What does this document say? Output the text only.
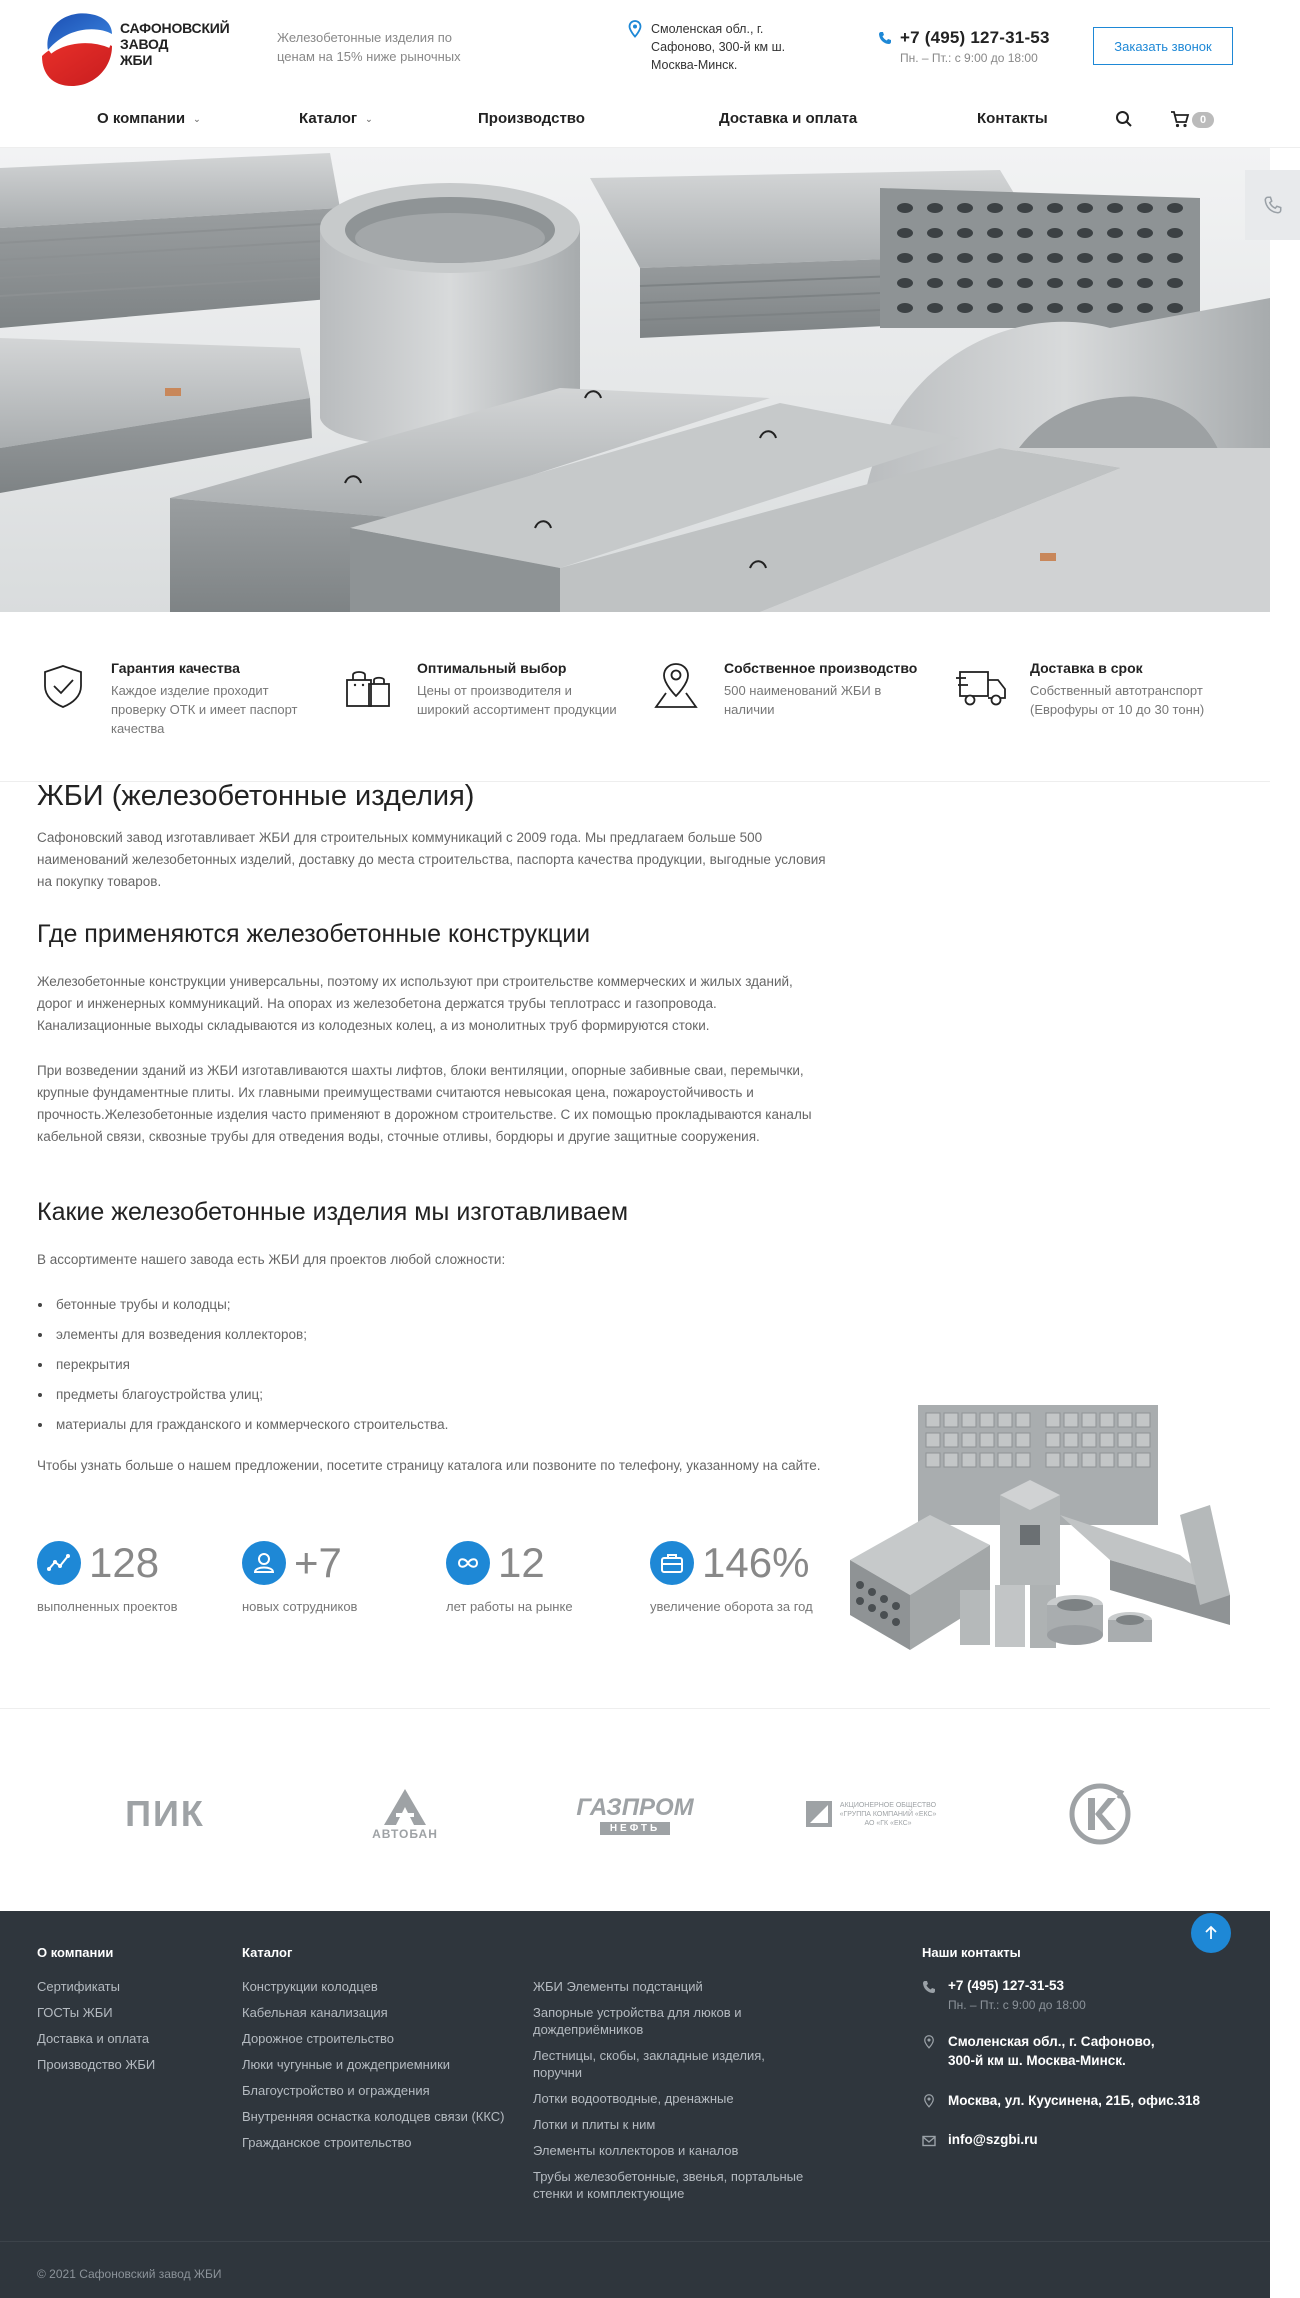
САФОНОВСКИЙ
ЗАВОД
ЖБИ
Железобетонные изделия по ценам на 15% ниже рыночных
Смоленская обл., г. Сафоново, 300-й км ш. Москва-Минск.
+7 (495) 127-31-53
Пн. – Пт.: с 9:00 до 18:00
Заказать звонок
О компании ⌄	Каталог ⌄	Производство	Доставка и оплата	Контакты	0
Гарантия качества
Каждое изделие проходит проверку ОТК и имеет паспорт качества
Оптимальный выбор
Цены от производителя и широкий ассортимент продукции
Собственное производство
500 наименований ЖБИ в наличии
Доставка в срок
Собственный автотранспорт (Еврофуры от 10 до 30 тонн)
ЖБИ (железобетонные изделия)

Сафоновский завод изготавливает ЖБИ для строительных коммуникаций с 2009 года. Мы предлагаем больше 500 наименований железобетонных изделий, доставку до места строительства, паспорта качества продукции, выгодные условия на покупку товаров.

Где применяются железобетонные конструкции

Железобетонные конструкции универсальны, поэтому их используют при строительстве коммерческих и жилых зданий, дорог и инженерных коммуникаций. На опорах из железобетона держатся трубы теплотрасс и газопровода. Канализационные выходы складываются из колодезных колец, а из монолитных труб формируются стоки.

При возведении зданий из ЖБИ изготавливаются шахты лифтов, блоки вентиляции, опорные забивные сваи, перемычки, крупные фундаментные плиты. Их главными преимуществами считаются невысокая цена, пожароустойчивость и прочность.Железобетонные изделия часто применяют в дорожном строительстве. С их помощью прокладываются каналы кабельной связи, сквозные трубы для отведения воды, сточные отливы, бордюры и другие защитные сооружения.

Какие железобетонные изделия мы изготавливаем

В ассортименте нашего завода есть ЖБИ для проектов любой сложности:

бетонные трубы и колодцы;
элементы для возведения коллекторов;
перекрытия
предметы благоустройства улиц;
материалы для гражданского и коммерческого строительства.

Чтобы узнать больше о нашем предложении, посетите страницу каталога или позвоните по телефону, указанному на сайте.

128
выполненных проектов
+7
новых сотрудников
12
лет работы на рынке
146%
увеличение оборота за год
ПИК	АВТОБАН
ГАЗПРОМ
НЕФТЬ
АКЦИОНЕРНОЕ ОБЩЕСТВО
«ГРУППА КОМПАНИЙ «ЕКС»
АО «ГК «ЕКС»
О компании
Сертификаты
ГОСТы ЖБИ
Доставка и оплата
Производство ЖБИ
Каталог
Конструкции колодцев
Кабельная канализация
Дорожное строительство
Люки чугунные и дождеприемники
Благоустройство и ограждения
Внутренняя оснастка колодцев связи (ККС)
Гражданское строительство
ЖБИ Элементы подстанций
Запорные устройства для люков и дождеприёмников
Лестницы, скобы, закладные изделия, поручни
Лотки водоотводные, дренажные
Лотки и плиты к ним
Элементы коллекторов и каналов
Трубы железобетонные, звенья, портальные стенки и комплектующие
Наши контакты
+7 (495) 127-31-53
Пн. – Пт.: с 9:00 до 18:00
Смоленская обл., г. Сафоново, 300-й км ш. Москва-Минск.
Москва, ул. Куусинена, 21Б, офис.318
info@szgbi.ru
© 2021 Сафоновский завод ЖБИ
